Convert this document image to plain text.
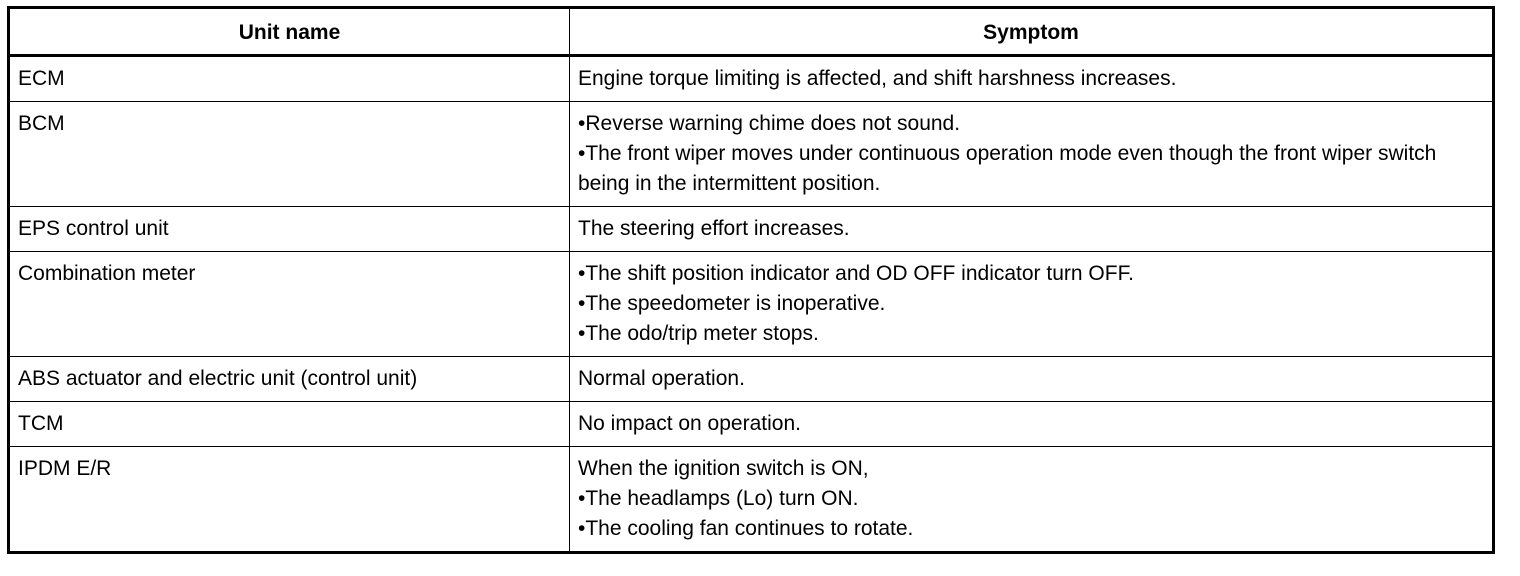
Unit name	Symptom
ECM	Engine torque limiting is affected, and shift harshness increases.

BCM	•Reverse warning chime does not sound.
•The front wiper moves under continuous operation mode even though the front wiper switch being in the intermittent position.

EPS control unit	The steering effort increases.

Combination meter	•The shift position indicator and OD OFF indicator turn OFF.
•The speedometer is inoperative.
•The odo/trip meter stops.

ABS actuator and electric unit (control unit)	Normal operation.

TCM	No impact on operation.

IPDM E/R	When the ignition switch is ON,
•The headlamps (Lo) turn ON.
•The cooling fan continues to rotate.
